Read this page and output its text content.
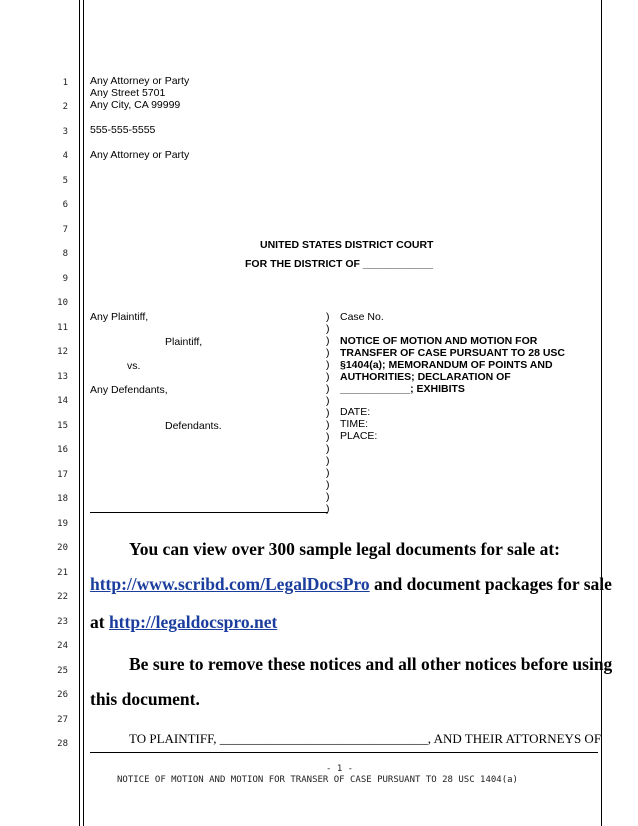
1
2
3
4
5
6
7
8
9
10
11
12
13
14
15
16
17
18
19
20
21
22
23
24
25
26
27
28
Any Attorney or Party
Any Street 5701
Any City, CA 99999
555-555-5555
Any Attorney or Party
UNITED STATES DISTRICT COURT
FOR THE DISTRICT OF ____________
Any Plaintiff,
Plaintiff,
vs.
Any Defendants,
Defendants.
)
)
)
)
)
)
)
)
)
)
)
)
)
)
)
)
)
Case No.
NOTICE OF MOTION AND MOTION FOR
TRANSFER OF CASE PURSUANT TO 28 USC
§1404(a); MEMORANDUM OF POINTS AND
AUTHORITIES; DECLARATION OF
____________; EXHIBITS
DATE:
TIME:
PLACE:
You can view over 300 sample legal documents for sale at:
http://www.scribd.com/LegalDocsPro and document packages for sale
at http://legaldocspro.net
Be sure to remove these notices and all other notices before using
this document.
TO PLAINTIFF, ________________________________, AND THEIR ATTORNEYS OF
- 1 -
NOTICE OF MOTION AND MOTION FOR TRANSER OF CASE PURSUANT TO 28 USC 1404(a)
